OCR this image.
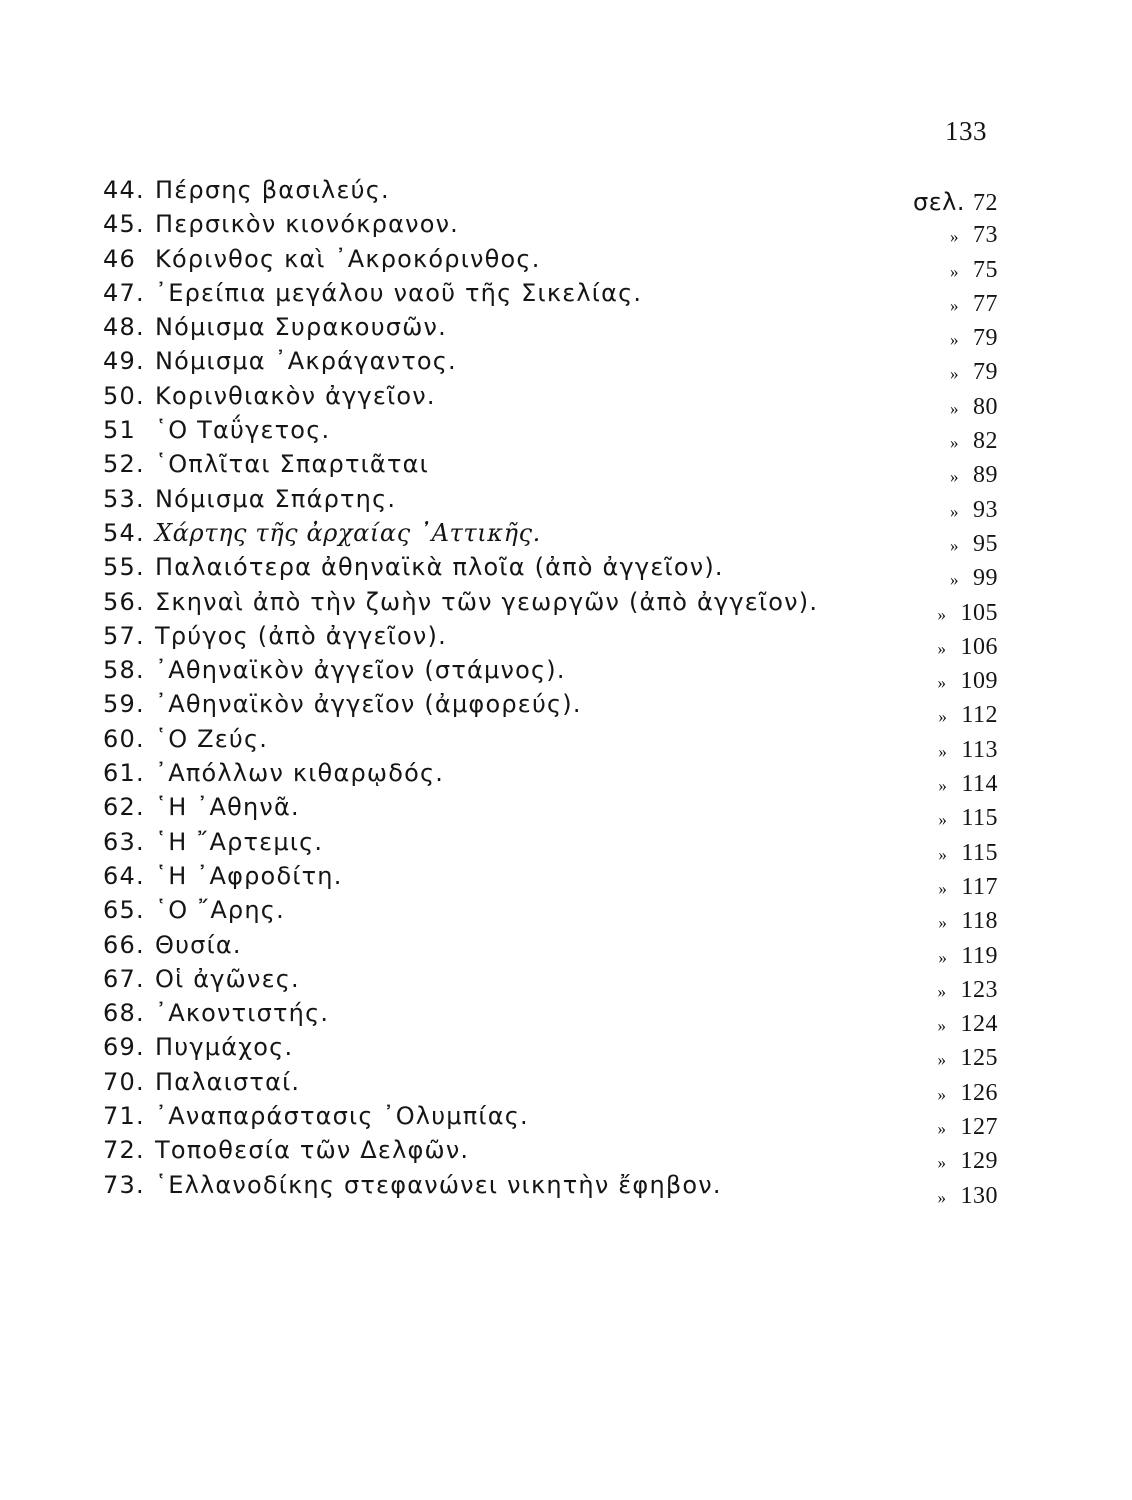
133
44. Πέρσης βασιλεύς.	σελ. 72
45. Περσικὸν κιονόκρανον.	» 73
46 Κόρινθος καὶ ᾿Ακροκόρινθος.	» 75
47. ᾿Ερείπια μεγάλου ναοῦ τῆς Σικελίας.	» 77
48. Νόμισμα Συρακουσῶν.	» 79
49. Νόμισμα ᾿Ακράγαντος.	» 79
50. Κορινθιακὸν ἀγγεῖον.	» 80
51 ῾Ο Ταΰγετος.	» 82
52. ῾Οπλῖται Σπαρτιᾶται	» 89
53. Νόμισμα Σπάρτης.	» 93
54. Χάρτης τῆς ἀρχαίας ᾿Αττικῆς.	» 95
55. Παλαιότερα ἀθηναϊκὰ πλοῖα (ἀπὸ ἀγγεῖον).	» 99
56. Σκηναὶ ἀπὸ τὴν ζωὴν τῶν γεωργῶν (ἀπὸ ἀγγεῖον).	» 105
57. Τρύγος (ἀπὸ ἀγγεῖον).	» 106
58. ᾿Αθηναϊκὸν ἀγγεῖον (στάμνος).	» 109
59. ᾿Αθηναϊκὸν ἀγγεῖον (ἀμφορεύς).	» 112
60. ῾Ο Ζεύς.	» 113
61. ᾿Απόλλων κιθαρῳδός.	» 114
62. ῾Η ᾿Αθηνᾶ.	» 115
63. ῾Η ῎Αρτεμις.	» 115
64. ῾Η ᾿Αφροδίτη.	» 117
65. ῾Ο ῎Αρης.	» 118
66. Θυσία.	» 119
67. Οἱ ἀγῶνες.	» 123
68. ᾿Ακοντιστής.	» 124
69. Πυγμάχος.	» 125
70. Παλαισταί.	» 126
71. ᾿Αναπαράστασις ᾿Ολυμπίας.	» 127
72. Τοποθεσία τῶν Δελφῶν.	» 129
73. ῾Ελλανοδίκης στεφανώνει νικητὴν ἔφηβον.	» 130
